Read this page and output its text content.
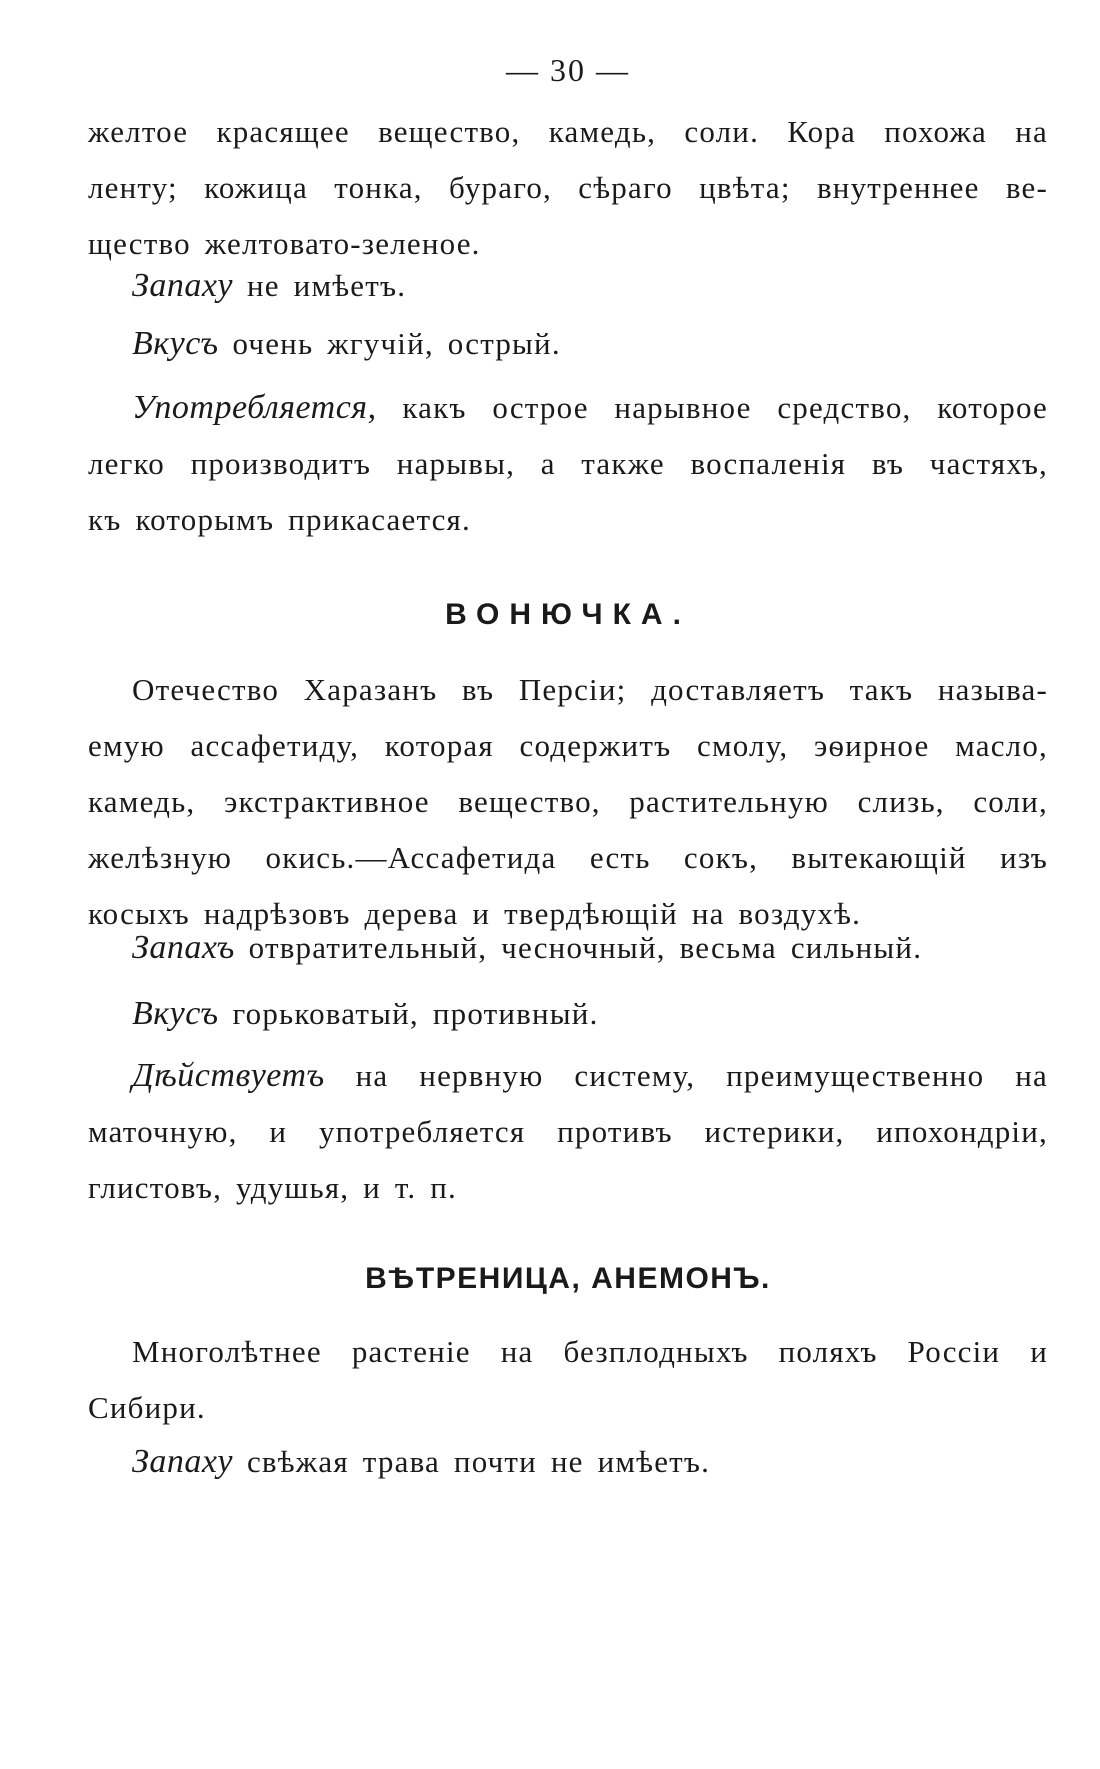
— 30 —
желтое красящее вещество, камедь, соли. Кора похожа на
ленту; кожица тонка, бураго, сѣраго цвѣта; внутреннее ве-
щество желтовато-зеленое.
Запаху не имѣетъ.
Вкусъ очень жгучій, острый.
Употребляется, какъ острое нарывное средство, которое
легко производитъ нарывы, а также воспаленія въ частяхъ,
къ которымъ прикасается.
ВОНЮЧКА.
Отечество Харазанъ въ Персіи; доставляетъ такъ называ-
емую ассафетиду, которая содержитъ смолу, эѳирное масло,
камедь, экстрактивное вещество, растительную слизь, соли,
желѣзную окись.—Ассафетида есть сокъ, вытекающій изъ
косыхъ надрѣзовъ дерева и твердѣющій на воздухѣ.
Запахъ отвратительный, чесночный, весьма сильный.
Вкусъ горьковатый, противный.
Дѣйствуетъ на нервную систему, преимущественно на
маточную, и употребляется противъ истерики, ипохондріи,
глистовъ, удушья, и т. п.
ВѢТРЕНИЦА, АНЕМОНЪ.
Многолѣтнее растеніе на безплодныхъ поляхъ Россіи и
Сибири.
Запаху свѣжая трава почти не имѣетъ.
